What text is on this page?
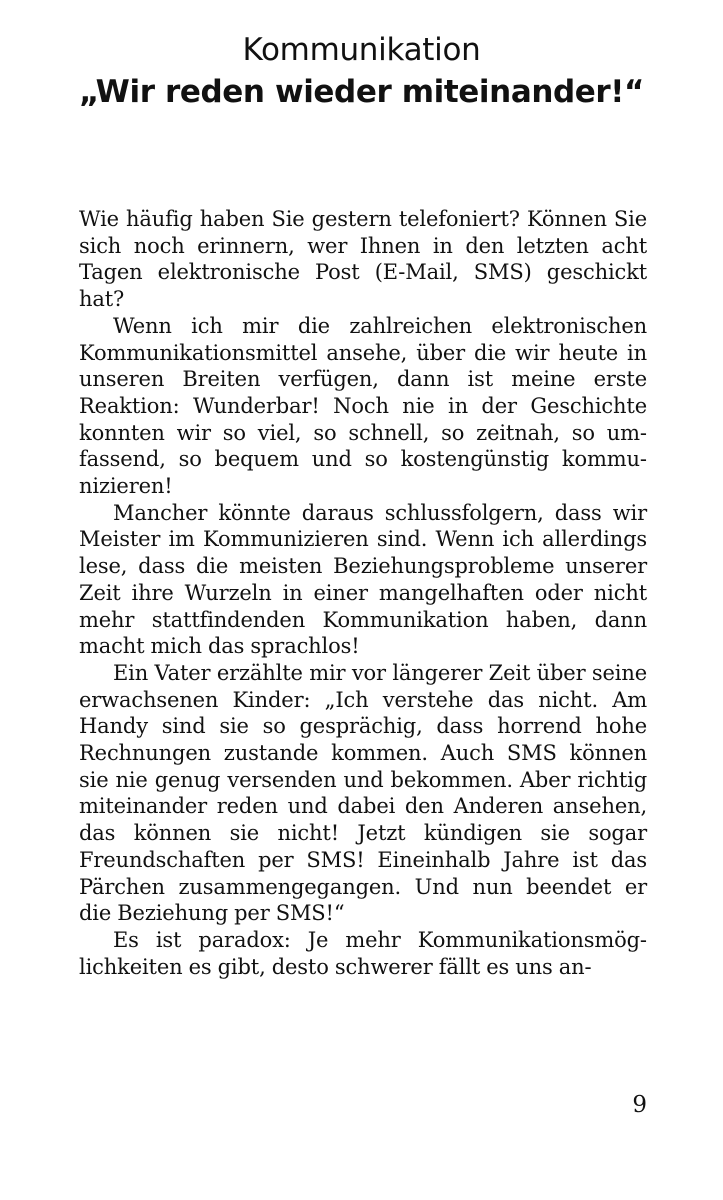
Kommunikation
„Wir reden wieder miteinander!“

Wie häufig haben Sie gestern telefoniert? Können Sie sich noch erinnern, wer Ihnen in den letzten acht Tagen elektronische Post (E-Mail, SMS) geschickt hat?

Wenn ich mir die zahlreichen elektronischen Kommunikationsmittel ansehe, über die wir heute in unseren Breiten verfügen, dann ist meine erste Reaktion: Wunderbar! Noch nie in der Geschichte konnten wir so viel, so schnell, so zeitnah, so umfassend, so bequem und so kostengünstig kommunizieren!

Mancher könnte daraus schlussfolgern, dass wir Meister im Kommunizieren sind. Wenn ich allerdings lese, dass die meisten Beziehungsprobleme unserer Zeit ihre Wurzeln in einer mangelhaften oder nicht mehr stattfindenden Kommunikation haben, dann macht mich das sprachlos!

Ein Vater erzählte mir vor längerer Zeit über seine erwachsenen Kinder: „Ich verstehe das nicht. Am Handy sind sie so gesprächig, dass horrend hohe Rechnungen zustande kommen. Auch SMS können sie nie genug versenden und bekommen. Aber richtig miteinander reden und dabei den Anderen ansehen, das können sie nicht! Jetzt kündigen sie sogar Freundschaften per SMS! Eineinhalb Jahre ist das Pärchen zusammengegangen. Und nun beendet er die Beziehung per SMS!“

Es ist paradox: Je mehr Kommunikationsmöglichkeiten es gibt, desto schwerer fällt es uns an-

9
